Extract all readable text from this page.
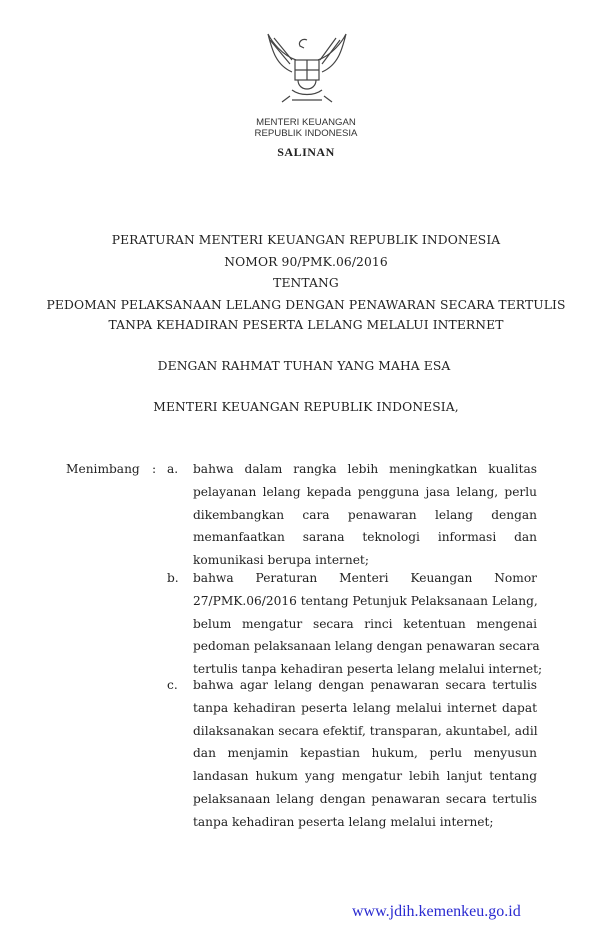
MENTERI KEUANGAN
REPUBLIK INDONESIA
SALINAN
PERATURAN MENTERI KEUANGAN REPUBLIK INDONESIA
NOMOR 90/PMK.06/2016
TENTANG
PEDOMAN PELAKSANAAN LELANG DENGAN PENAWARAN SECARA TERTULIS
TANPA KEHADIRAN PESERTA LELANG MELALUI INTERNET
DENGAN RAHMAT TUHAN YANG MAHA ESA
MENTERI KEUANGAN REPUBLIK INDONESIA,
Menimbang : a. bahwa dalam rangka lebih meningkatkan kualitas
pelayanan lelang kepada pengguna jasa lelang, perlu
dikembangkan cara penawaran lelang dengan
memanfaatkan sarana teknologi informasi dan
komunikasi berupa internet;
b. bahwa Peraturan Menteri Keuangan Nomor
27/PMK.06/2016 tentang Petunjuk Pelaksanaan Lelang,
belum mengatur secara rinci ketentuan mengenai
pedoman pelaksanaan lelang dengan penawaran secara
tertulis tanpa kehadiran peserta lelang melalui internet;
c. bahwa agar lelang dengan penawaran secara tertulis
tanpa kehadiran peserta lelang melalui internet dapat
dilaksanakan secara efektif, transparan, akuntabel, adil
dan menjamin kepastian hukum, perlu menyusun
landasan hukum yang mengatur lebih lanjut tentang
pelaksanaan lelang dengan penawaran secara tertulis
tanpa kehadiran peserta lelang melalui internet;
www.jdih.kemenkeu.go.id
